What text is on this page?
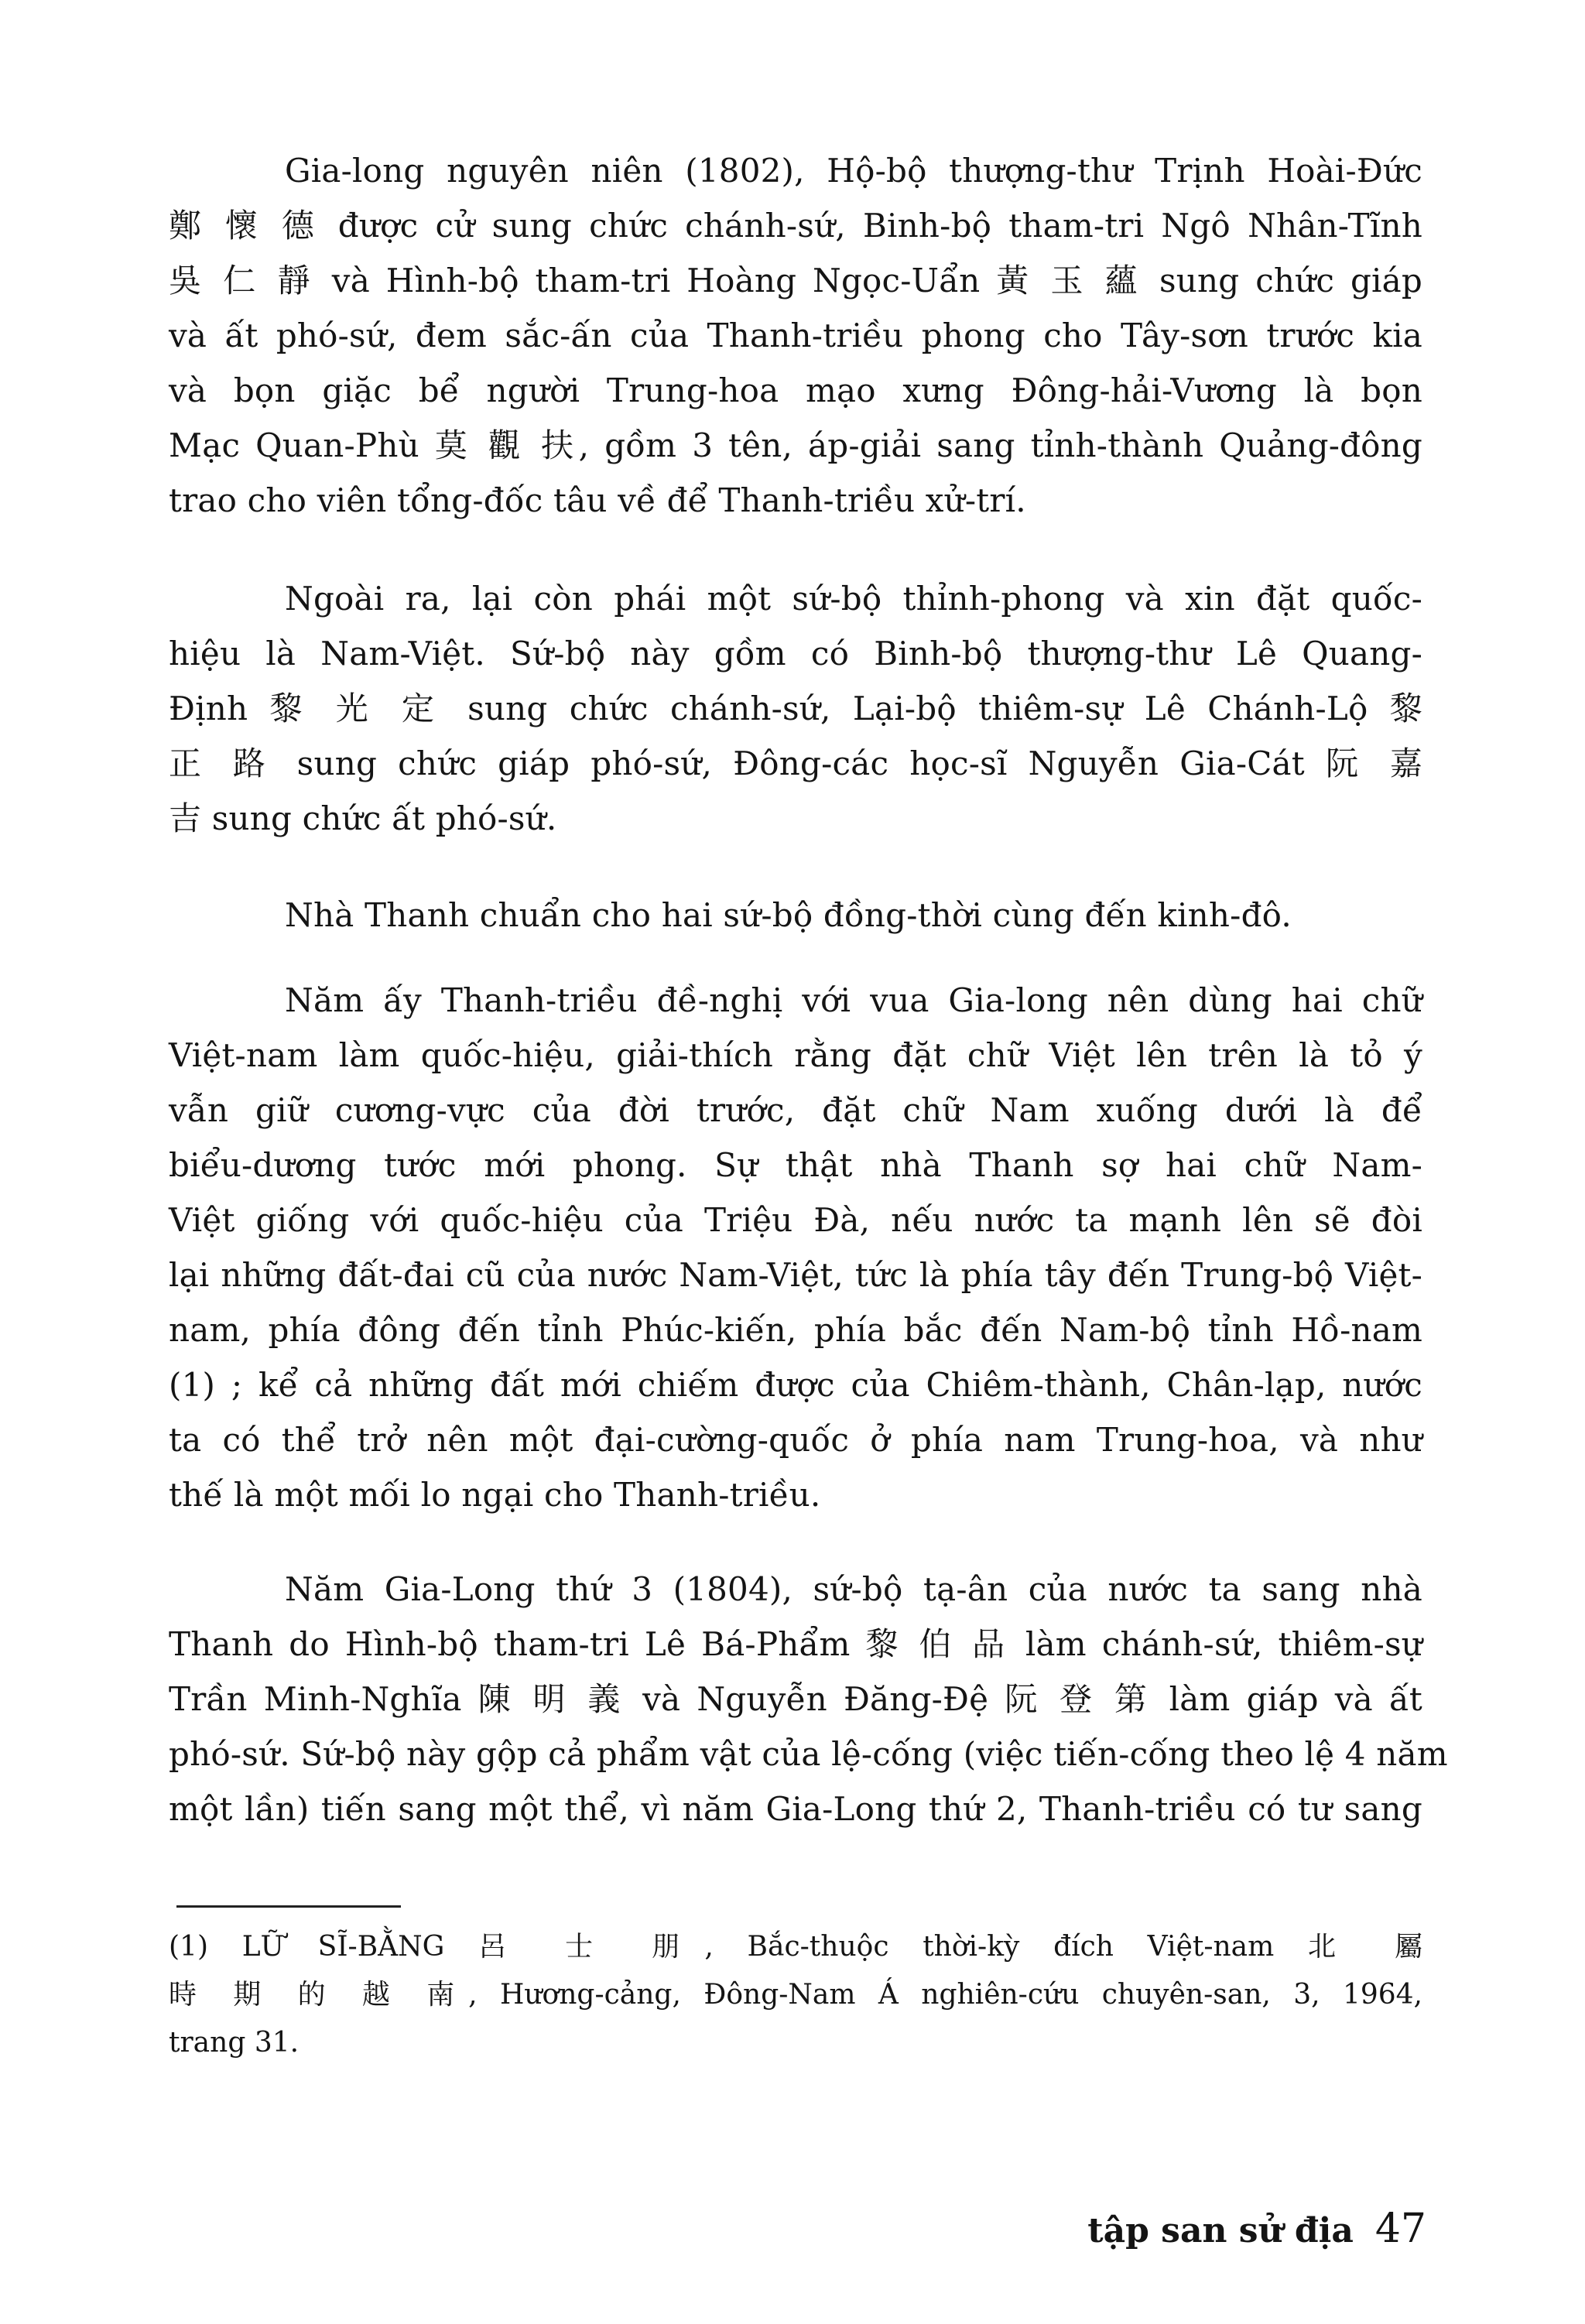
Gia-long nguyên niên (1802), Hộ-bộ thượng-thư Trịnh Hoài-Đức
鄭 懷 德 được cử sung chức chánh-sứ, Binh-bộ tham-tri Ngô Nhân-Tĩnh
吳 仁 靜 và Hình-bộ tham-tri Hoàng Ngọc-Uẩn 黃 玉 蘊 sung chức giáp
và ất phó-sứ, đem sắc-ấn của Thanh-triều phong cho Tây-sơn trước kia
và bọn giặc bể người Trung-hoa mạo xưng Đông-hải-Vương là bọn
Mạc Quan-Phù 莫 觀 扶, gồm 3 tên, áp-giải sang tỉnh-thành Quảng-đông
trao cho viên tổng-đốc tâu về để Thanh-triều xử-trí.
Ngoài ra, lại còn phái một sứ-bộ thỉnh-phong và xin đặt quốc-
hiệu là Nam-Việt. Sứ-bộ này gồm có Binh-bộ thượng-thư Lê Quang-
Định 黎 光 定 sung chức chánh-sứ, Lại-bộ thiêm-sự Lê Chánh-Lộ 黎
正 路 sung chức giáp phó-sứ, Đông-các học-sĩ Nguyễn Gia-Cát 阮 嘉
吉 sung chức ất phó-sứ.
Nhà Thanh chuẩn cho hai sứ-bộ đồng-thời cùng đến kinh-đô.
Năm ấy Thanh-triều đề-nghị với vua Gia-long nên dùng hai chữ
Việt-nam làm quốc-hiệu, giải-thích rằng đặt chữ Việt lên trên là tỏ ý
vẫn giữ cương-vực của đời trước, đặt chữ Nam xuống dưới là để
biểu-dương tước mới phong. Sự thật nhà Thanh sợ hai chữ Nam-
Việt giống với quốc-hiệu của Triệu Đà, nếu nước ta mạnh lên sẽ đòi
lại những đất-đai cũ của nước Nam-Việt, tức là phía tây đến Trung-bộ Việt-
nam, phía đông đến tỉnh Phúc-kiến, phía bắc đến Nam-bộ tỉnh Hồ-nam
(1) ; kể cả những đất mới chiếm được của Chiêm-thành, Chân-lạp, nước
ta có thể trở nên một đại-cường-quốc ở phía nam Trung-hoa, và như
thế là một mối lo ngại cho Thanh-triều.
Năm Gia-Long thứ 3 (1804), sứ-bộ tạ-ân của nước ta sang nhà
Thanh do Hình-bộ tham-tri Lê Bá-Phẩm 黎 伯 品 làm chánh-sứ, thiêm-sự
Trần Minh-Nghĩa 陳 明 義 và Nguyễn Đăng-Đệ 阮 登 第 làm giáp và ất
phó-sứ. Sứ-bộ này gộp cả phẩm vật của lệ-cống (việc tiến-cống theo lệ 4 năm
một lần) tiến sang một thể, vì năm Gia-Long thứ 2, Thanh-triều có tư sang
(1) LỮ SĨ-BẰNG 呂 士 朋, Bắc-thuộc thời-kỳ đích Việt-nam 北 屬
時 期 的 越 南, Hương-cảng, Đông-Nam Á nghiên-cứu chuyên-san, 3, 1964,
trang 31.
tập san sử địa 47
